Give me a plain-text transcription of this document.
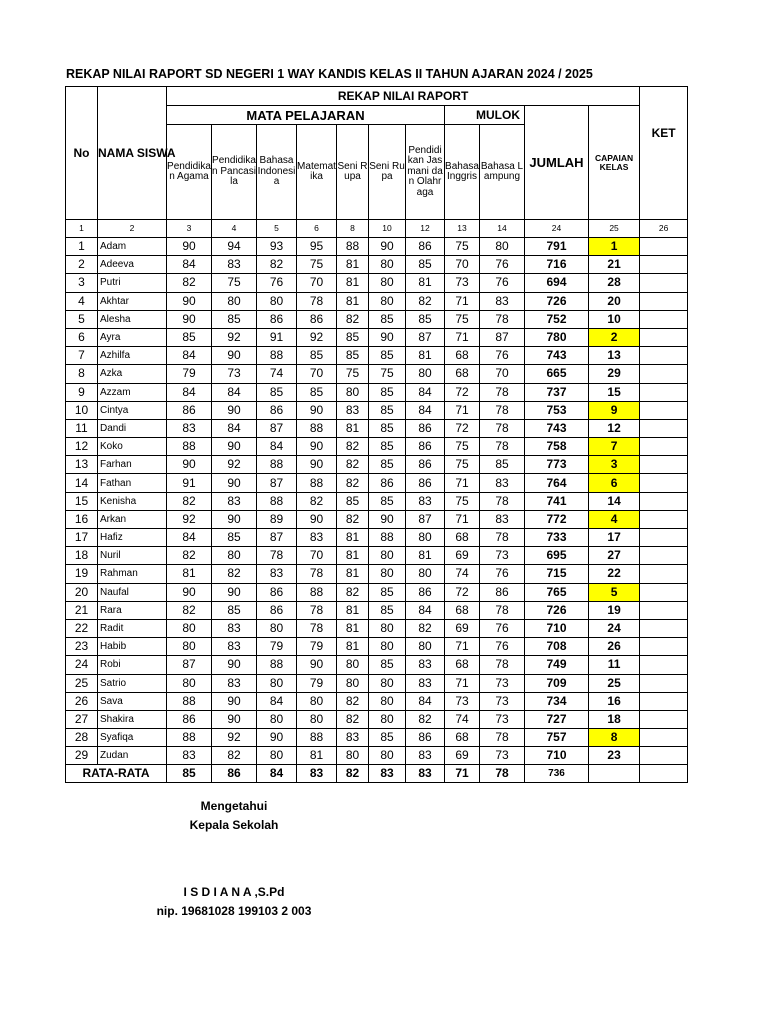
REKAP NILAI RAPORT SD NEGERI 1 WAY KANDIS KELAS II TAHUN AJARAN 2024 / 2025
No	NAMA SISWA	REKAP NILAI RAPORT											KET
		MATA PELAJARAN							MULOK		JUMLAH	CAPAIAN KELAS	
		Pendidikan Agama	Pendidikan Pancasila	Bahasa Indonesia	Matematika	Seni Rupa	Seni Rupa	Pendidikan Jasmani dan Olahraga	Bahasa Inggris	Bahasa Lampung			
1	2	3	4	5	6	8	10	12	13	14	24	25	26
1	Adam	90	94	93	95	88	90	86	75	80	791	1	
2	Adeeva	84	83	82	75	81	80	85	70	76	716	21	
3	Putri	82	75	76	70	81	80	81	73	76	694	28	
4	Akhtar	90	80	80	78	81	80	82	71	83	726	20	
5	Alesha	90	85	86	86	82	85	85	75	78	752	10	
6	Ayra	85	92	91	92	85	90	87	71	87	780	2	
7	Azhilfa	84	90	88	85	85	85	81	68	76	743	13	
8	Azka	79	73	74	70	75	75	80	68	70	665	29	
9	Azzam	84	84	85	85	80	85	84	72	78	737	15	
10	Cintya	86	90	86	90	83	85	84	71	78	753	9	
11	Dandi	83	84	87	88	81	85	86	72	78	743	12	
12	Koko	88	90	84	90	82	85	86	75	78	758	7	
13	Farhan	90	92	88	90	82	85	86	75	85	773	3	
14	Fathan	91	90	87	88	82	86	86	71	83	764	6	
15	Kenisha	82	83	88	82	85	85	83	75	78	741	14	
16	Arkan	92	90	89	90	82	90	87	71	83	772	4	
17	Hafiz	84	85	87	83	81	88	80	68	78	733	17	
18	Nuril	82	80	78	70	81	80	81	69	73	695	27	
19	Rahman	81	82	83	78	81	80	80	74	76	715	22	
20	Naufal	90	90	86	88	82	85	86	72	86	765	5	
21	Rara	82	85	86	78	81	85	84	68	78	726	19	
22	Radit	80	83	80	78	81	80	82	69	76	710	24	
23	Habib	80	83	79	79	81	80	80	71	76	708	26	
24	Robi	87	90	88	90	80	85	83	68	78	749	11	
25	Satrio	80	83	80	79	80	80	83	71	73	709	25	
26	Sava	88	90	84	80	82	80	84	73	73	734	16	
27	Shakira	86	90	80	80	82	80	82	74	73	727	18	
28	Syafiqa	88	92	90	88	83	85	86	68	78	757	8	
29	Zudan	83	82	80	81	80	80	83	69	73	710	23	
RATA-RATA		85	86	84	83	82	83	83	71	78	736		
Mengetahui
Kepala Sekolah
I S D I A N A ,S.Pd
nip. 19681028 199103 2 003
